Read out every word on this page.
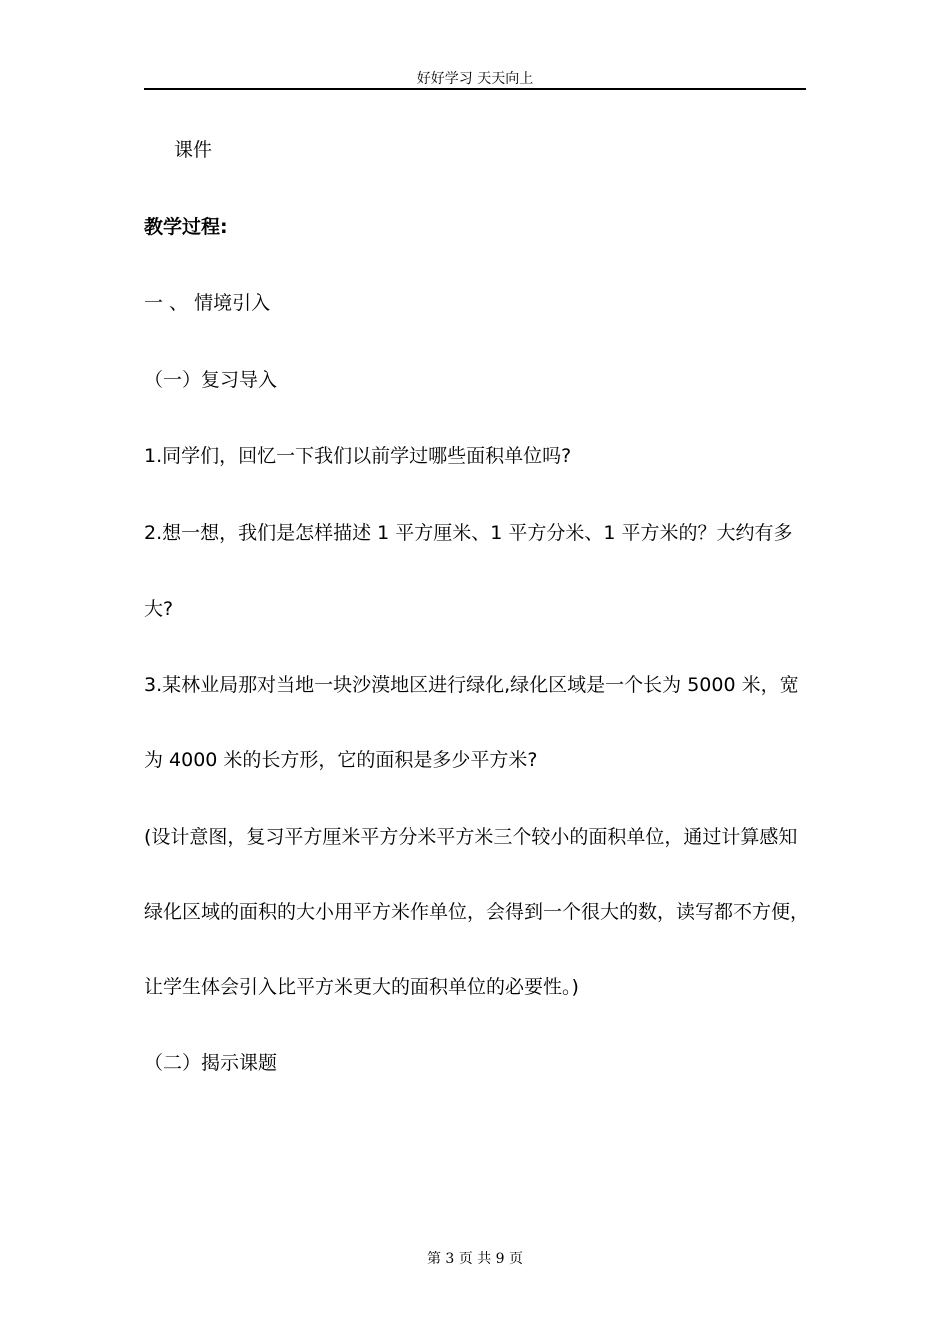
好好学习 天天向上
课件
教学过程:
一 、 情境引入
（一）复习导入
1.同学们，回忆一下我们以前学过哪些面积单位吗?
2.想一想，我们是怎样描述 1 平方厘米、1 平方分米、1 平方米的？大约有多
大?
3.某林业局那对当地一块沙漠地区进行绿化,绿化区域是一个长为 5000 米，宽
为 4000 米的长方形，它的面积是多少平方米?
(设计意图，复习平方厘米平方分米平方米三个较小的面积单位，通过计算感知
绿化区域的面积的大小用平方米作单位，会得到一个很大的数，读写都不方便，
让学生体会引入比平方米更大的面积单位的必要性。)
（二）揭示课题
第 3 页 共 9 页
